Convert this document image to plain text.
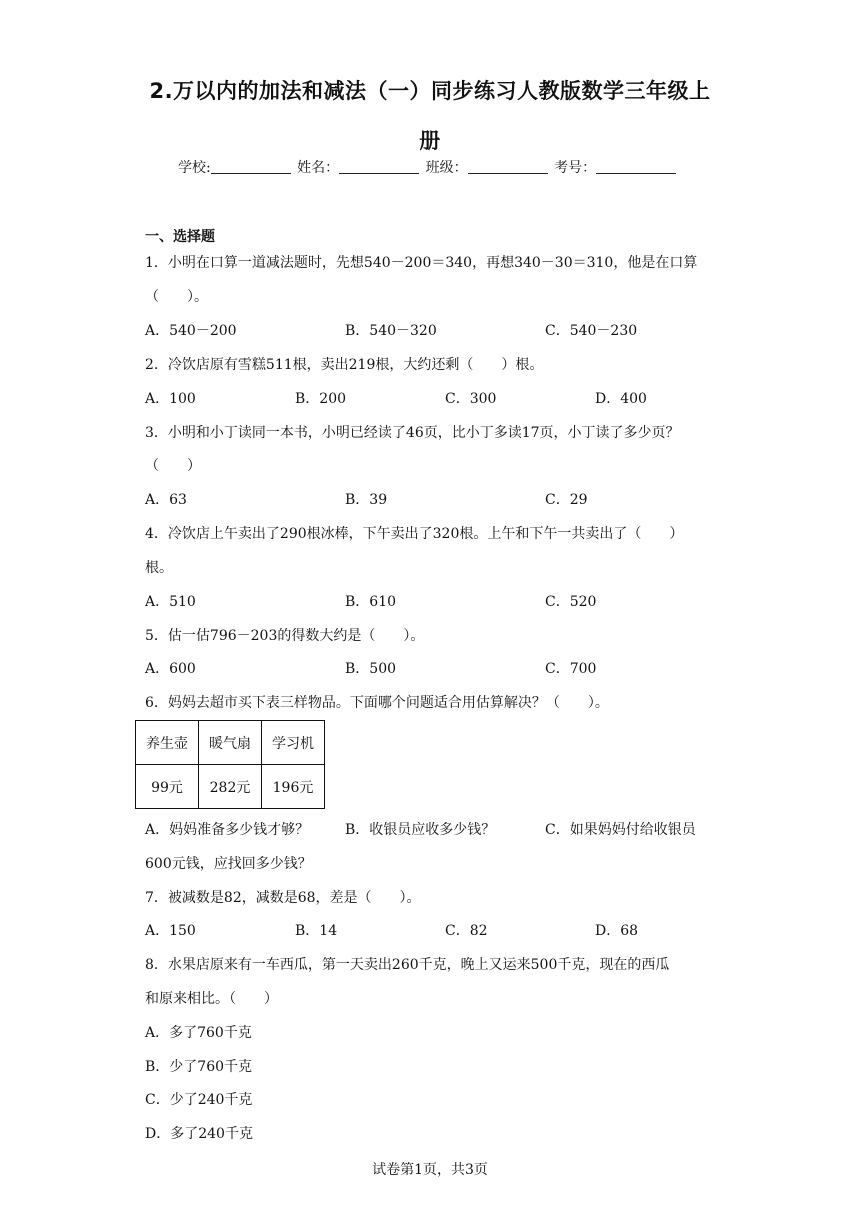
2.万以内的加法和减法（一）同步练习人教版数学三年级上
册
学校:	姓名：	班级：	考号：
一、选择题
1．小明在口算一道减法题时，先想540－200＝340，再想340－30＝310，他是在口算
（　　）。
A．540－200	B．540－320	C．540－230
2．冷饮店原有雪糕511根，卖出219根，大约还剩（　　）根。
A．100	B．200	C．300	D．400
3．小明和小丁读同一本书，小明已经读了46页，比小丁多读17页，小丁读了多少页？
（　　）
A．63	B．39	C．29
4．冷饮店上午卖出了290根冰棒，下午卖出了320根。上午和下午一共卖出了（　　）
根。
A．510	B．610	C．520
5．估一估796－203的得数大约是（　　）。
A．600	B．500	C．700
6．妈妈去超市买下表三样物品。下面哪个问题适合用估算解决？（　　）。
养生壶	暖气扇	学习机
99元	282元	196元
A．妈妈准备多少钱才够？	B．收银员应收多少钱？	C．如果妈妈付给收银员
600元钱，应找回多少钱？
7．被减数是82，减数是68，差是（　　）。
A．150	B．14	C．82	D．68
8．水果店原来有一车西瓜，第一天卖出260千克，晚上又运来500千克，现在的西瓜
和原来相比。（　　）
A．多了760千克
B．少了760千克
C．少了240千克
D．多了240千克
试卷第1页，共3页
